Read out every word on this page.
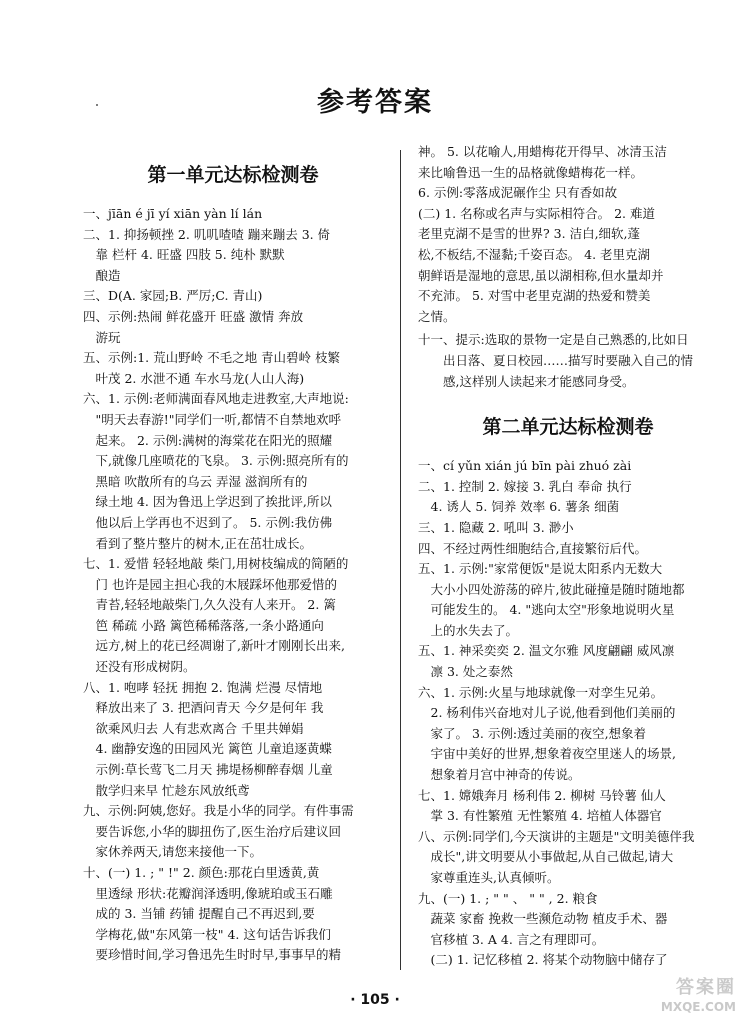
参考答案
第一单元达标检测卷
一、jīān é jī yí xiān yàn lí lán
二、1. 抑扬顿挫 2. 叽叽喳喳 蹦来蹦去 3. 倚
　靠 栏杆 4. 旺盛 四肢 5. 纯朴 默默
　酿造
三、D(A. 家园;B. 严厉;C. 青山)
四、示例:热闹 鲜花盛开 旺盛 激情 奔放
　游玩
五、示例:1. 荒山野岭 不毛之地 青山碧岭 枝繁
　叶茂 2. 水泄不通 车水马龙(人山人海)
六、1. 示例:老师满面春风地走进教室,大声地说:
　"明天去春游!"同学们一听,都情不自禁地欢呼
　起来。 2. 示例:满树的海棠花在阳光的照耀
　下,就像几座喷花的飞泉。 3. 示例:照亮所有的
　黑暗 吹散所有的乌云 弄湿 滋润所有的
　绿土地 4. 因为鲁迅上学迟到了挨批评,所以
　他以后上学再也不迟到了。 5. 示例:我仿佛
　看到了整片整片的树木,正在茁壮成长。
七、1. 爱惜 轻轻地敲 柴门,用树枝编成的简陋的
　门 也许是园主担心我的木屐踩坏他那爱惜的
　青苔,轻轻地敲柴门,久久没有人来开。 2. 篱
　笆 稀疏 小路 篱笆稀稀落落,一条小路通向
　远方,树上的花已经凋谢了,新叶才刚刚长出来,
　还没有形成树阴。
八、1. 咆哮 轻抚 拥抱 2. 饱满 烂漫 尽情地
　释放出来了 3. 把酒问青天 今夕是何年 我
　欲乘风归去 人有悲欢离合 千里共婵娟
　4. 幽静安逸的田园风光 篱笆 儿童追逐黄蝶
　示例:草长莺飞二月天 拂堤杨柳醉春烟 儿童
　散学归来早 忙趁东风放纸鸢
九、示例:阿姨,您好。我是小华的同学。有件事需
　要告诉您,小华的脚扭伤了,医生治疗后建议回
　家休养两天,请您来接他一下。
十、(一) 1. ; " !" 2. 颜色:那花白里透黄,黄
　里透绿 形状:花瓣润泽透明,像琥珀或玉石雕
　成的 3. 当铺 药铺 提醒自己不再迟到,要
　学梅花,做"东风第一枝" 4. 这句话告诉我们
　要珍惜时间,学习鲁迅先生时时早,事事早的精
神。 5. 以花喻人,用蜡梅花开得早、冰清玉洁
来比喻鲁迅一生的品格就像蜡梅花一样。
6. 示例:零落成泥碾作尘 只有香如故
(二) 1. 名称或名声与实际相符合。 2. 难道
老里克湖不是雪的世界? 3. 洁白,细软,蓬
松,不板结,不湿黏;千姿百态。 4. 老里克湖
朝鲜语是湿地的意思,虽以湖相称,但水量却并
不充沛。 5. 对雪中老里克湖的热爱和赞美
之情。
十一、提示:选取的景物一定是自己熟悉的,比如日
　　出日落、夏日校园……描写时要融入自己的情
　　感,这样别人读起来才能感同身受。
第二单元达标检测卷
一、cí yǔn xián jú bīn pài zhuó zài
二、1. 控制 2. 嫁接 3. 乳白 奉命 执行
　4. 诱人 5. 饲养 效率 6. 薯条 细菌
三、1. 隐藏 2. 吼叫 3. 渺小
四、不经过两性细胞结合,直接繁衍后代。
五、1. 示例:"家常便饭"是说太阳系内无数大
　大小小四处游荡的碎片,彼此碰撞是随时随地都
　可能发生的。 4. "逃向太空"形象地说明火星
　上的水失去了。
五、1. 神采奕奕 2. 温文尔雅 风度翩翩 威风凛
　凛 3. 处之泰然
六、1. 示例:火星与地球就像一对孪生兄弟。
　2. 杨利伟兴奋地对儿子说,他看到他们美丽的
　家了。 3. 示例:透过美丽的夜空,想象着
　宇宙中美好的世界,想象着夜空里迷人的场景,
　想象着月宫中神奇的传说。
七、1. 嫦娥奔月 杨利伟 2. 柳树 马铃薯 仙人
　掌 3. 有性繁殖 无性繁殖 4. 培植人体器官
八、示例:同学们,今天演讲的主题是"文明美德伴我
　成长",讲文明要从小事做起,从自己做起,请大
　家尊重连头,认真倾听。
九、(一) 1. ; " " 、 " " , 2. 粮食
　蔬菜 家畜 挽救一些濒危动物 植皮手术、器
　官移植 3. A 4. 言之有理即可。
　(二) 1. 记忆移植 2. 将某个动物脑中储存了
· 105 ·
答案圈
MXQE.COM
